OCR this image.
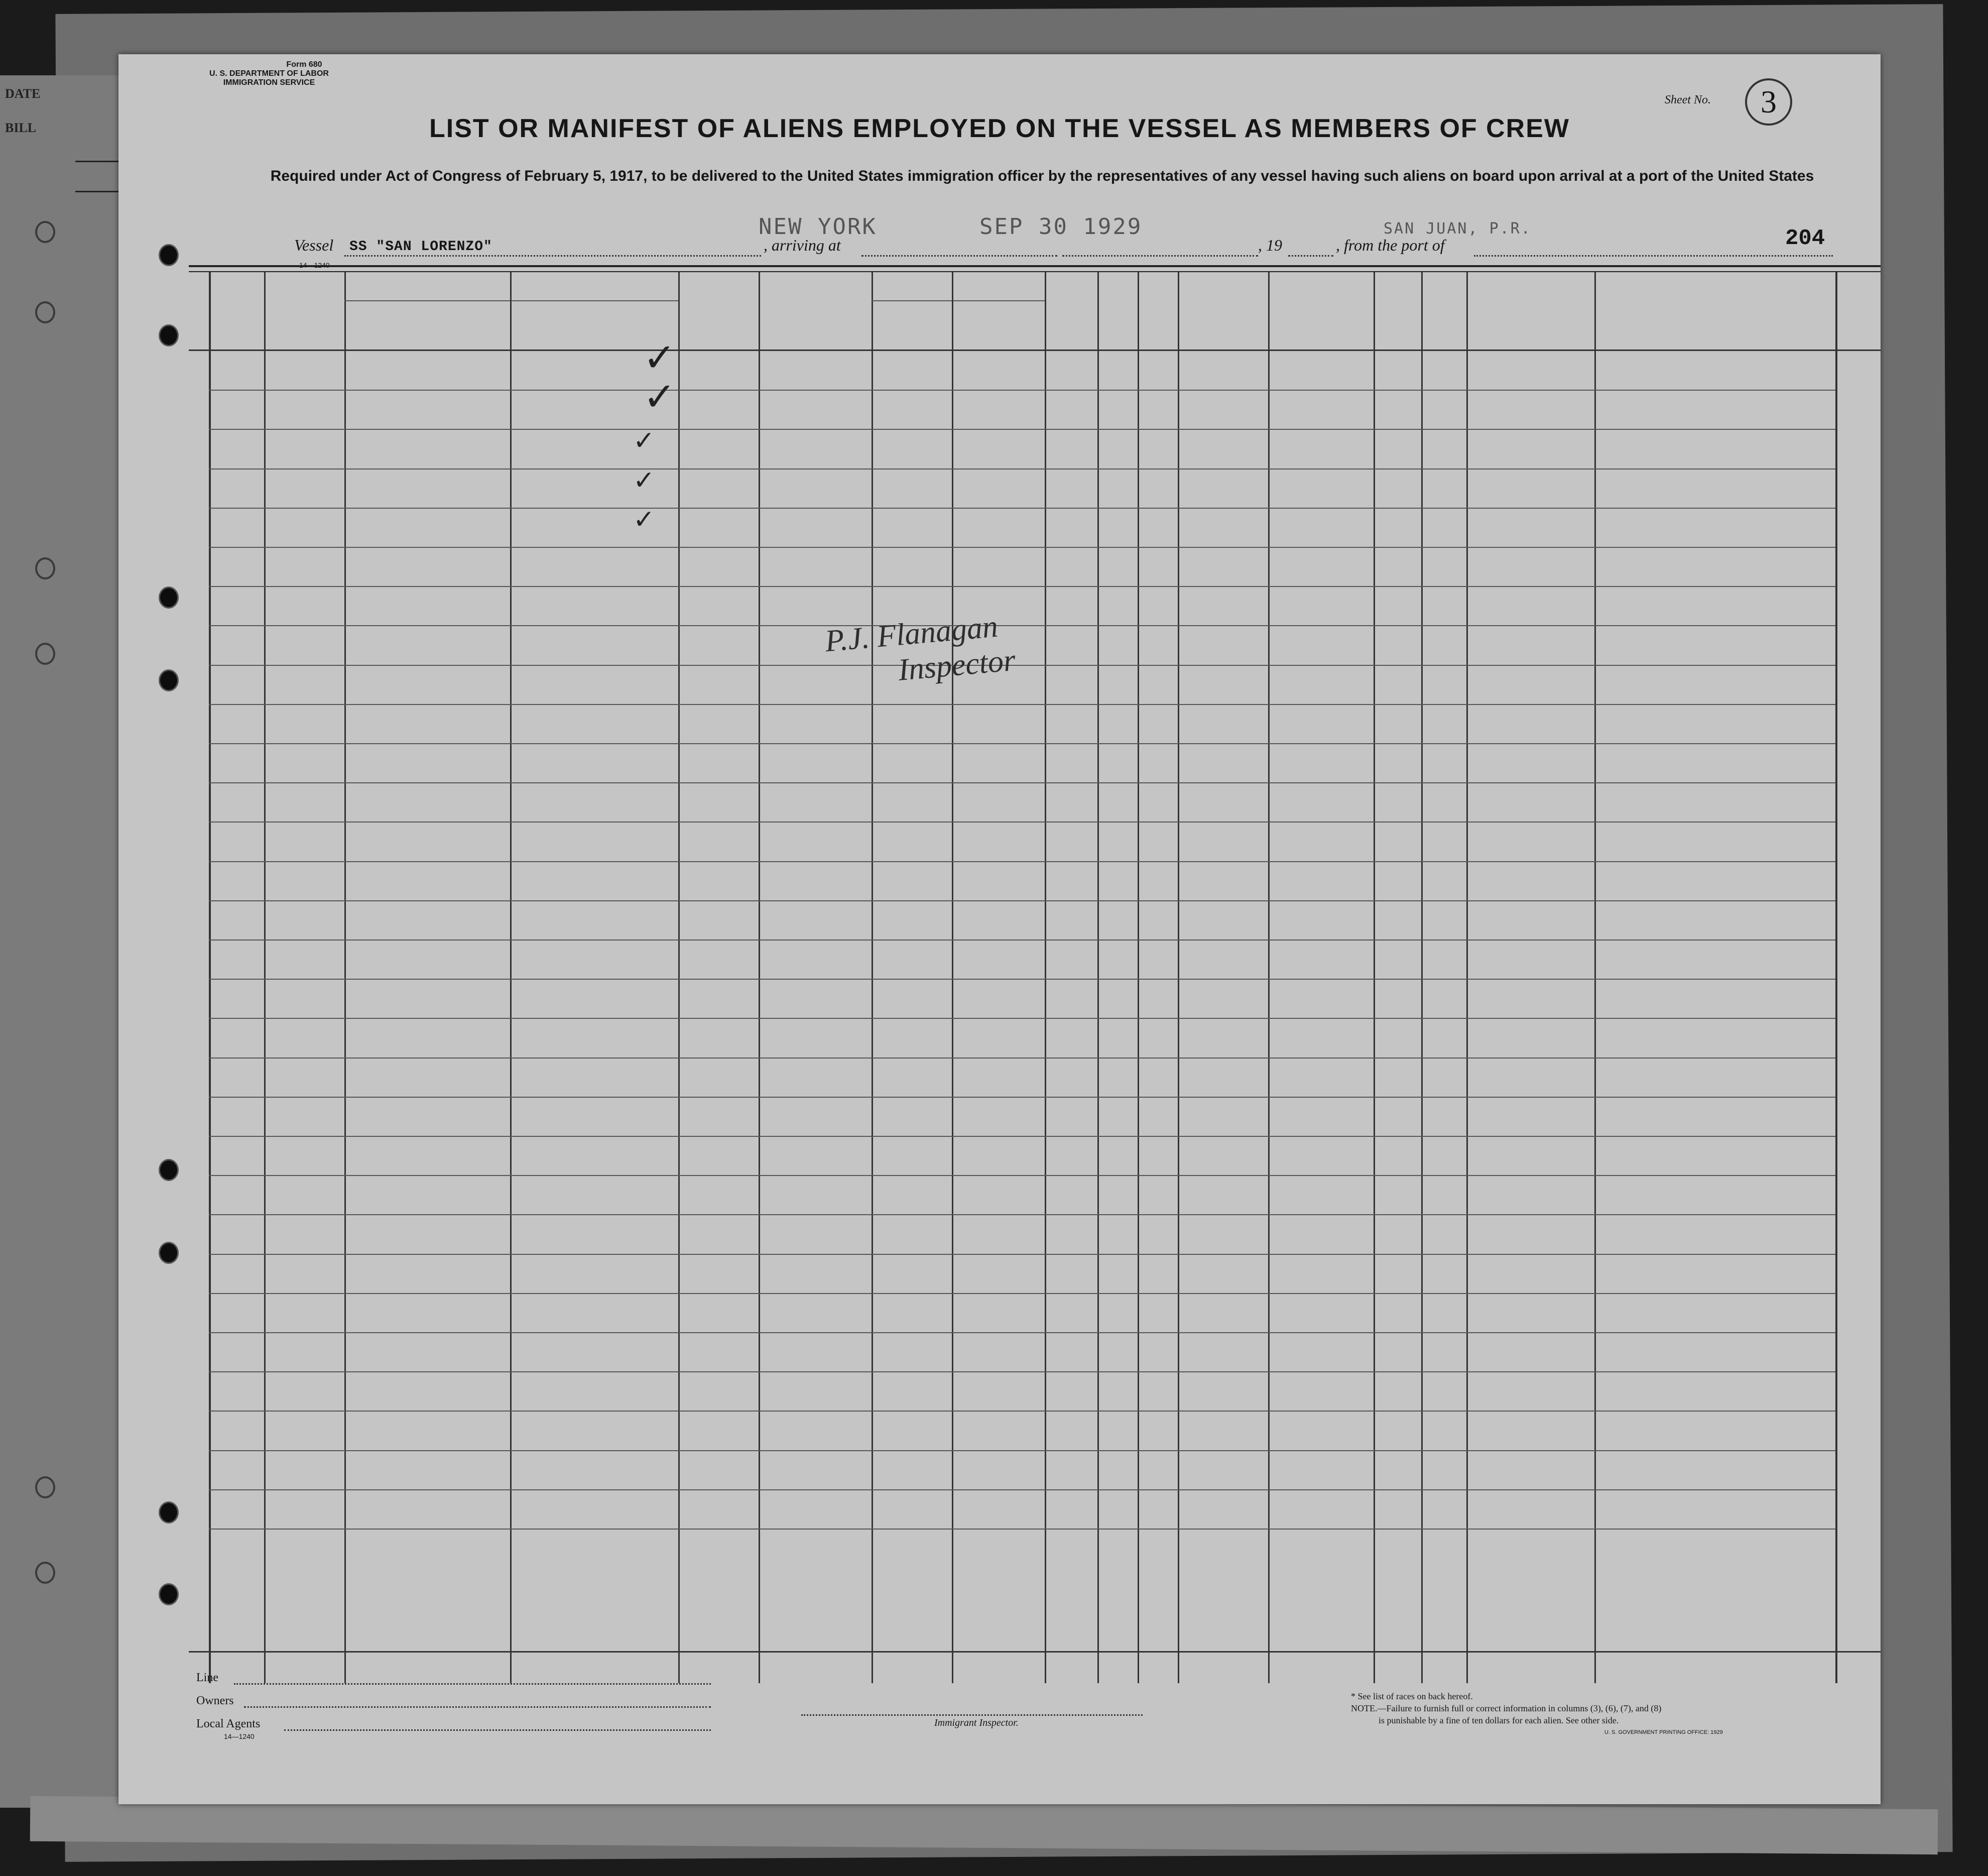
DATE
BILL
Form 680
U. S. DEPARTMENT OF LABOR
IMMIGRATION SERVICE
Sheet No.	3
LIST OR MANIFEST OF ALIENS EMPLOYED ON THE VESSEL AS MEMBERS OF CREW
Required under Act of Congress of February 5, 1917, to be delivered to the United States immigration officer by the representatives of any vessel having such aliens on board upon arrival at a port of the United States
Vessel SS "SAN LORENZO"	, arriving at
NEW YORK	SEP 30 1929
, 19	, from the port of
SAN JUAN, P.R.	204
14—1240
✓
✓
✓
✓
✓
P.J. Flanagan
Inspector
Line
Owners
Local Agents
14—1240
Immigrant Inspector.
* See list of races on back hereof.
NOTE.—Failure to furnish full or correct information in columns (3), (6), (7), and (8)
is punishable by a fine of ten dollars for each alien. See other side.
U. S. GOVERNMENT PRINTING OFFICE: 1929
